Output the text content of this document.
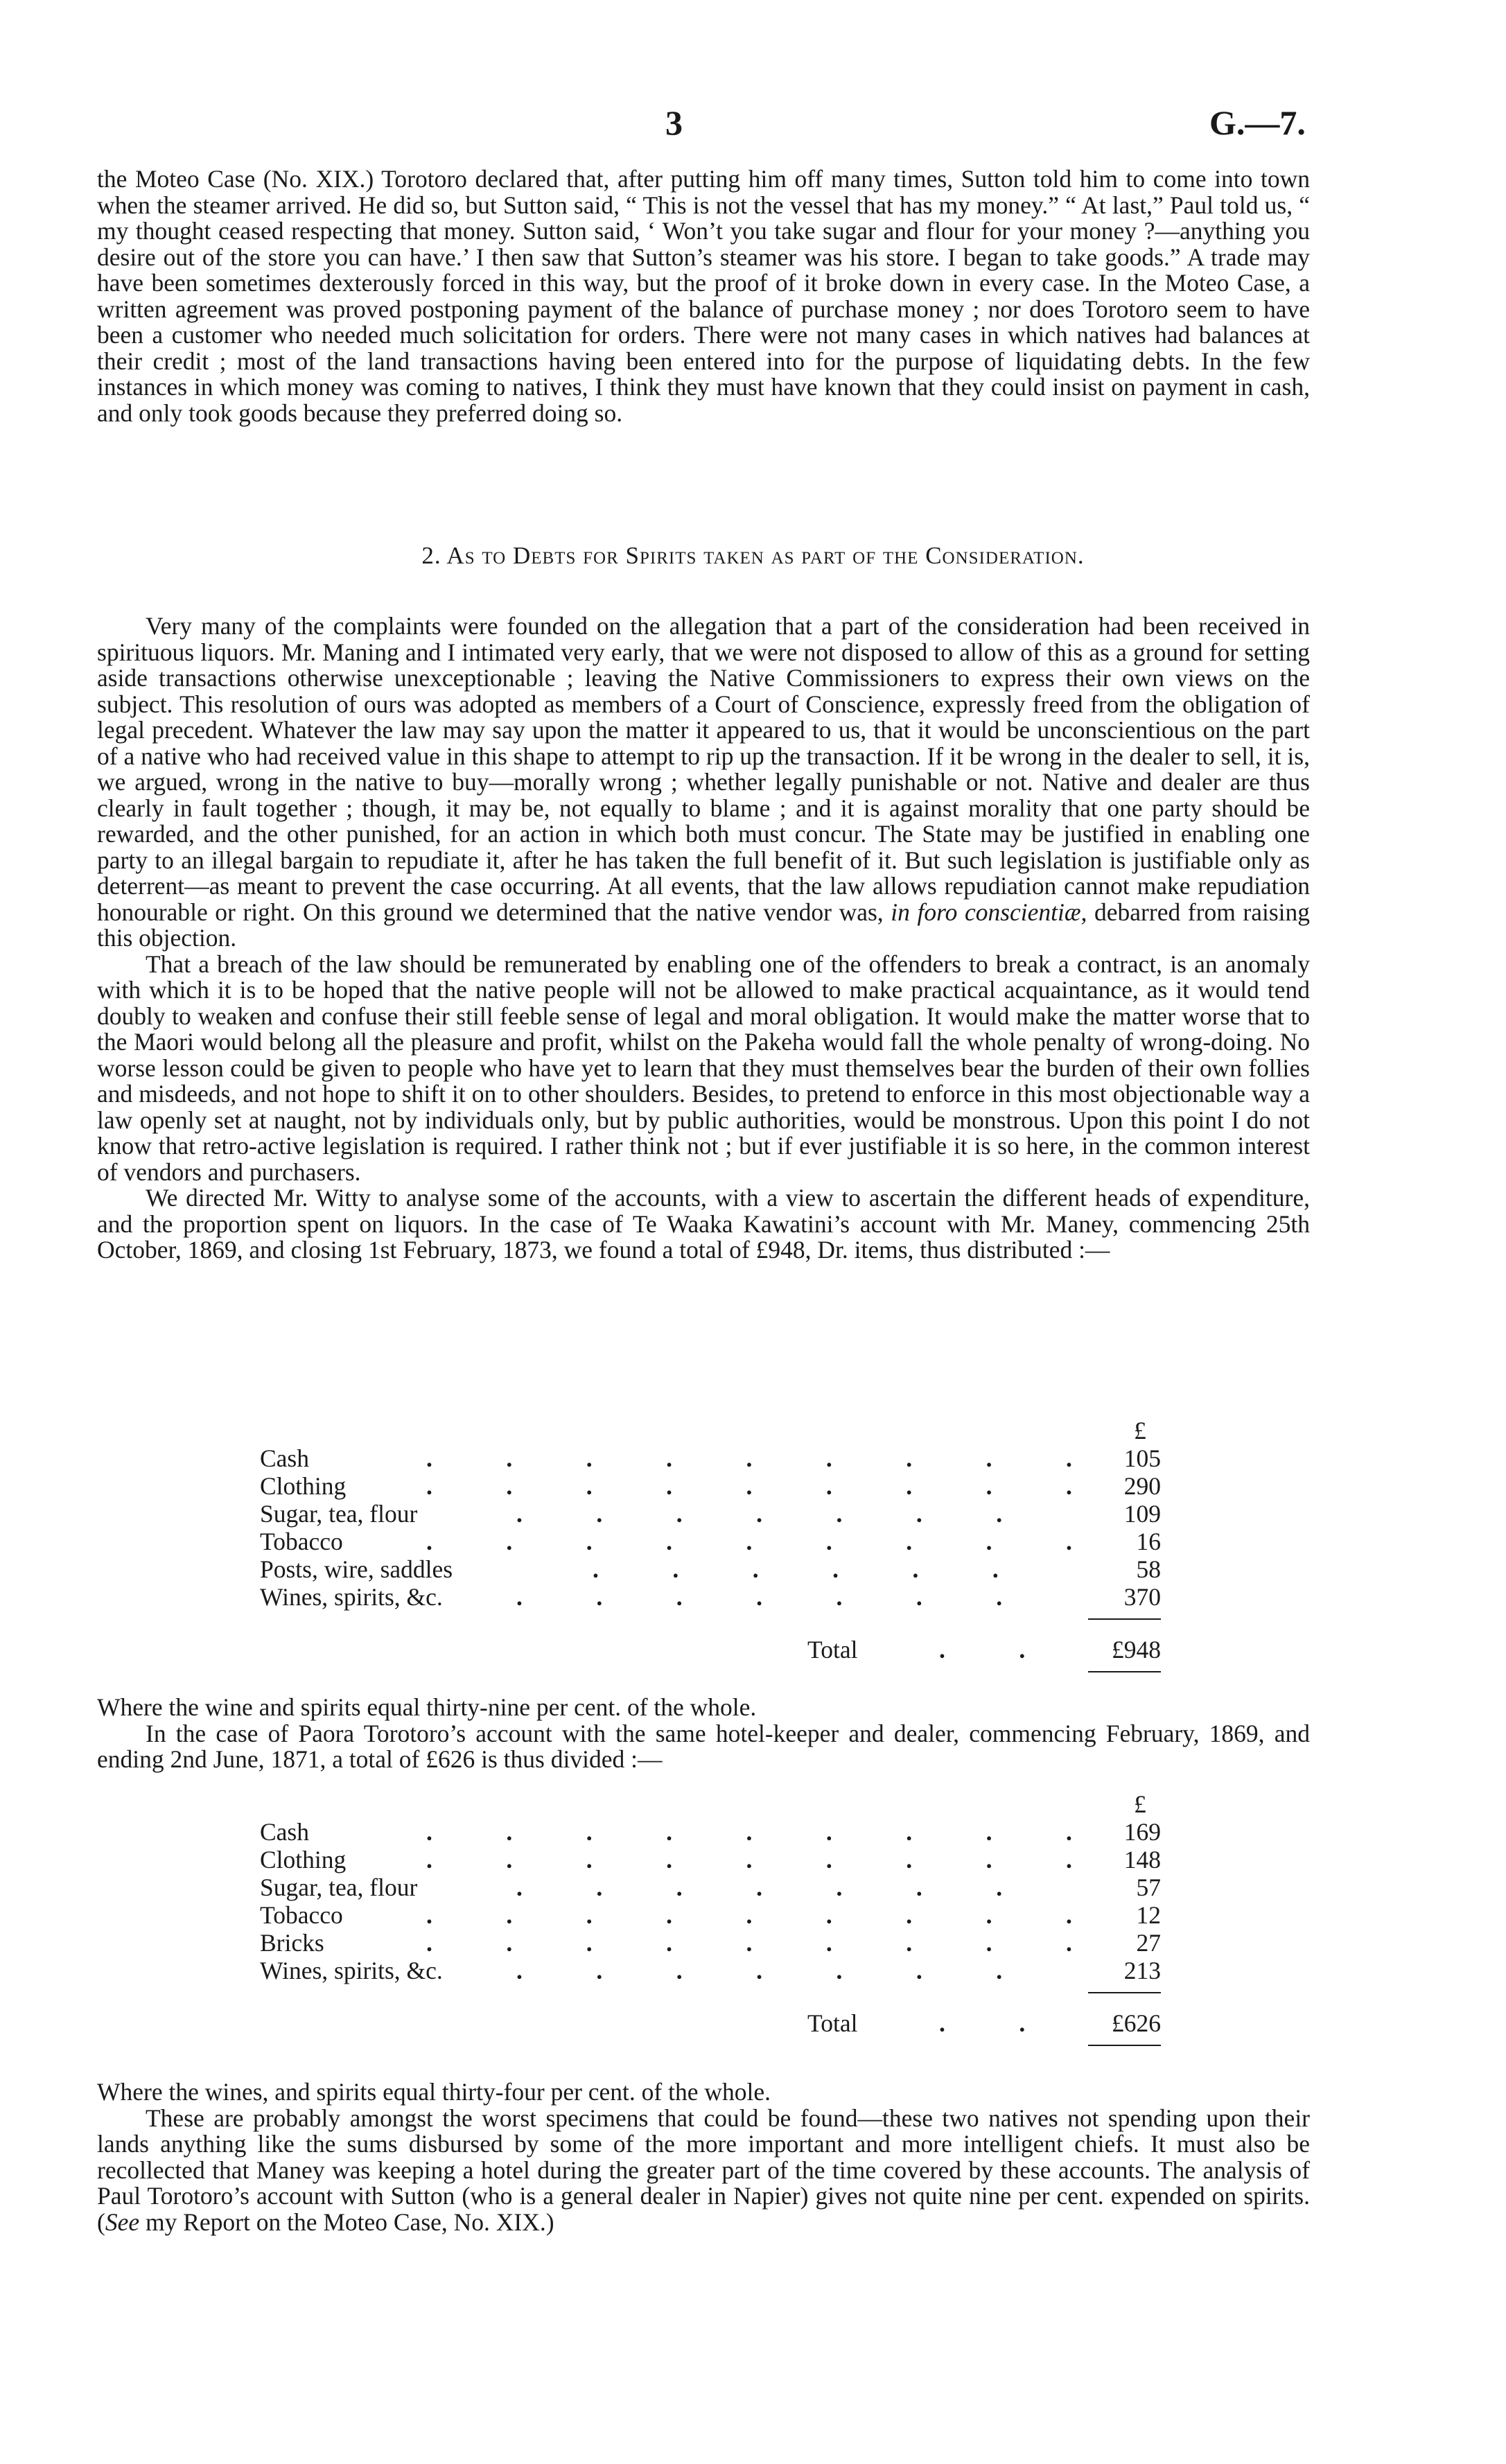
3	G.—7.

the Moteo Case (No. XIX.) Torotoro declared that, after putting him off many times, Sutton told him to come into town when the steamer arrived. He did so, but Sutton said, “ This is not the vessel that has my money.” “ At last,” Paul told us, “ my thought ceased respecting that money. Sutton said, ‘ Won’t you take sugar and flour for your money ?—anything you desire out of the store you can have.’ I then saw that Sutton’s steamer was his store. I began to take goods.” A trade may have been sometimes dexterously forced in this way, but the proof of it broke down in every case. In the Moteo Case, a written agreement was proved postponing payment of the balance of purchase money ; nor does Torotoro seem to have been a customer who needed much solicitation for orders. There were not many cases in which natives had balances at their credit ; most of the land transactions having been entered into for the purpose of liquidating debts. In the few instances in which money was coming to natives, I think they must have known that they could insist on payment in cash, and only took goods because they preferred doing so.

2. As to Debts for Spirits taken as part of the Consideration.

Very many of the complaints were founded on the allegation that a part of the consideration had been received in spirituous liquors. Mr. Maning and I intimated very early, that we were not disposed to allow of this as a ground for setting aside transactions otherwise unexceptionable ; leaving the Native Commissioners to express their own views on the subject. This resolution of ours was adopted as members of a Court of Conscience, expressly freed from the obligation of legal precedent. Whatever the law may say upon the matter it appeared to us, that it would be unconscientious on the part of a native who had received value in this shape to attempt to rip up the transaction. If it be wrong in the dealer to sell, it is, we argued, wrong in the native to buy—morally wrong ; whether legally punishable or not. Native and dealer are thus clearly in fault together ; though, it may be, not equally to blame ; and it is against morality that one party should be rewarded, and the other punished, for an action in which both must concur. The State may be justified in enabling one party to an illegal bargain to repudiate it, after he has taken the full benefit of it. But such legislation is justifiable only as deterrent—as meant to prevent the case occurring. At all events, that the law allows repudiation cannot make repudiation honourable or right. On this ground we determined that the native vendor was, in foro conscientiæ, debarred from raising this objection.

That a breach of the law should be remunerated by enabling one of the offenders to break a contract, is an anomaly with which it is to be hoped that the native people will not be allowed to make practical acquaintance, as it would tend doubly to weaken and confuse their still feeble sense of legal and moral obligation. It would make the matter worse that to the Maori would belong all the pleasure and profit, whilst on the Pakeha would fall the whole penalty of wrong-doing. No worse lesson could be given to people who have yet to learn that they must themselves bear the burden of their own follies and misdeeds, and not hope to shift it on to other shoulders. Besides, to pretend to enforce in this most objectionable way a law openly set at naught, not by individuals only, but by public authorities, would be monstrous. Upon this point I do not know that retro-active legislation is required. I rather think not ; but if ever justifiable it is so here, in the common interest of vendors and purchasers.

We directed Mr. Witty to analyse some of the accounts, with a view to ascertain the different heads of expenditure, and the proportion spent on liquors. In the case of Te Waaka Kawatini’s account with Mr. Maney, commencing 25th October, 1869, and closing 1st February, 1873, we found a total of £948, Dr. items, thus distributed :—

£
Cash	.   .   .   .   .   .   .   .   .	105
Clothing	.   .   .   .   .   .   .   .   .	290
Sugar, tea, flour	.   .   .   .   .   .   .	109
Tobacco	.   .   .   .   .   .   .   .   .	16
Posts, wire, saddles	.   .   .   .   .   .	58
Wines, spirits, &c.	.   .   .   .   .   .   .	370
Total	.   .	£948

Where the wine and spirits equal thirty-nine per cent. of the whole.

In the case of Paora Torotoro’s account with the same hotel-keeper and dealer, commencing February, 1869, and ending 2nd June, 1871, a total of £626 is thus divided :—

£
Cash	.   .   .   .   .   .   .   .   .	169
Clothing	.   .   .   .   .   .   .   .   .	148
Sugar, tea, flour	.   .   .   .   .   .   .	57
Tobacco	.   .   .   .   .   .   .   .   .	12
Bricks	.   .   .   .   .   .   .   .   .	27
Wines, spirits, &c.	.   .   .   .   .   .   .	213
Total	.   .	£626

Where the wines, and spirits equal thirty-four per cent. of the whole.

These are probably amongst the worst specimens that could be found—these two natives not spending upon their lands anything like the sums disbursed by some of the more important and more intelligent chiefs. It must also be recollected that Maney was keeping a hotel during the greater part of the time covered by these accounts. The analysis of Paul Torotoro’s account with Sutton (who is a general dealer in Napier) gives not quite nine per cent. expended on spirits. (See my Report on the Moteo Case, No. XIX.)
